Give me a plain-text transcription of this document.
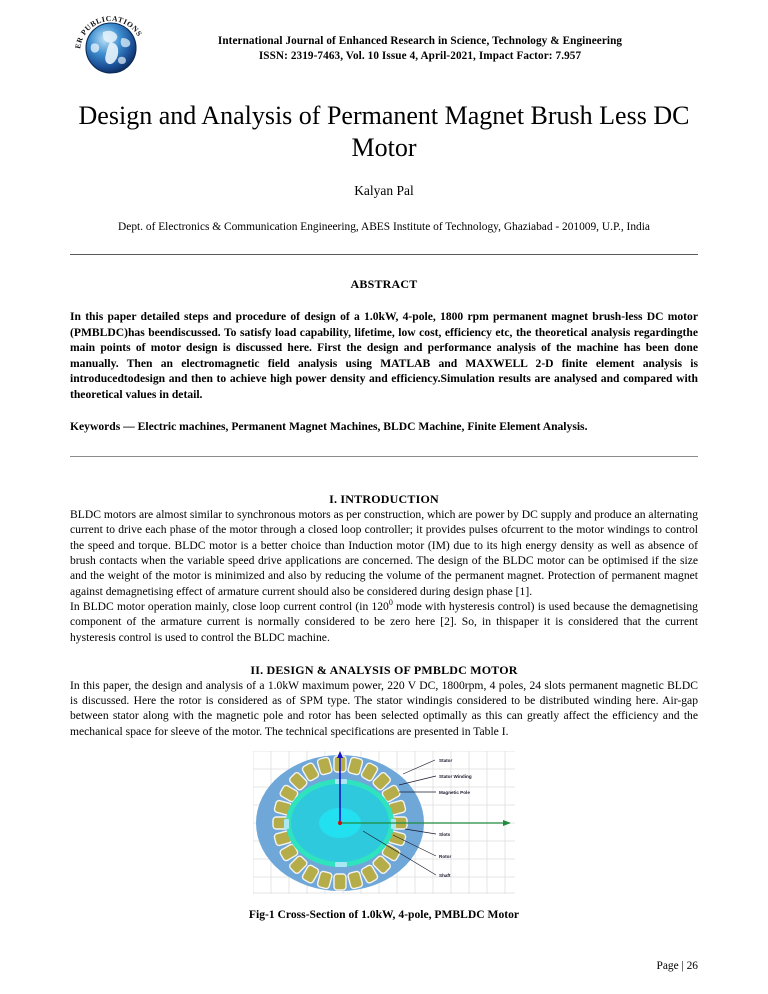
ER PUBLICATIONS
International Journal of Enhanced Research in Science, Technology & Engineering
ISSN: 2319-7463, Vol. 10 Issue 4, April-2021, Impact Factor: 7.957
Design and Analysis of Permanent Magnet Brush Less DC Motor
Kalyan Pal
Dept. of Electronics & Communication Engineering, ABES Institute of Technology, Ghaziabad - 201009, U.P., India
ABSTRACT

In this paper detailed steps and procedure of design of a 1.0kW, 4-pole, 1800 rpm permanent magnet brush-less DC motor (PMBLDC)has beendiscussed. To satisfy load capability, lifetime, low cost, efficiency etc, the theoretical analysis regardingthe main points of motor design is discussed here. First the design and performance analysis of the machine has been done manually. Then an electromagnetic field analysis using MATLAB and MAXWELL 2-D finite element analysis is introducedtodesign and then to achieve high power density and efficiency.Simulation results are analysed and compared with theoretical values in detail.

Keywords — Electric machines, Permanent Magnet Machines, BLDC Machine, Finite Element Analysis.

I. INTRODUCTION

BLDC motors are almost similar to synchronous motors as per construction, which are power by DC supply and produce an alternating current to drive each phase of the motor through a closed loop controller; it provides pulses ofcurrent to the motor windings to control the speed and torque. BLDC motor is a better choice than Induction motor (IM) due to its high energy density as well as absence of brush contacts when the variable speed drive applications are concerned. The design of the BLDC motor can be optimised if the size and the weight of the motor is minimized and also by reducing the volume of the permanent magnet. Protection of permanent magnet against demagnetising effect of armature current should also be considered during design phase [1].

In BLDC motor operation mainly, close loop current control (in $120^0$ mode with hysteresis control) is used because the demagnetising component of the armature current is normally considered to be zero here [2]. So, in thispaper it is considered that the current hysteresis control is used to control the BLDC machine.

II. DESIGN & ANALYSIS OF PMBLDC MOTOR

In this paper, the design and analysis of a 1.0kW maximum power, 220 V DC, 1800rpm, 4 poles, 24 slots permanent magnetic BLDC is discussed. Here the rotor is considered as of SPM type. The stator windingis considered to be distributed winding here. Air-gap between stator along with the magnetic pole and rotor has been selected optimally as this can greatly affect the efficiency and the mechanical space for sleeve of the motor. The technical specifications are presented in Table I.

Stator
Stator Winding
Magnetic Pole
Slots
Rotor
Shaft
Fig-1 Cross-Section of 1.0kW, 4-pole, PMBLDC Motor
Page | 26
